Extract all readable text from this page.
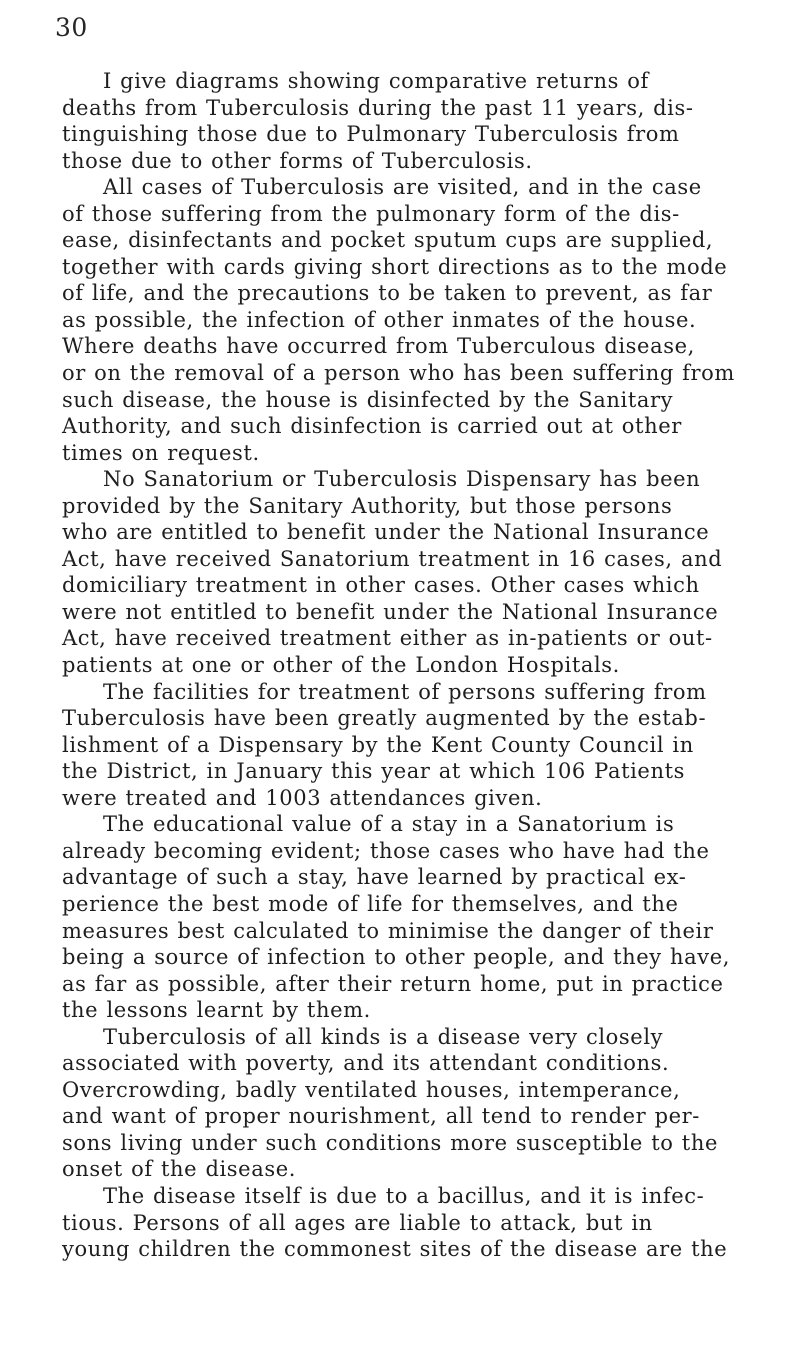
30
I give diagrams showing comparative returns of
deaths from Tuberculosis during the past 11 years, dis-
tinguishing those due to Pulmonary Tuberculosis from
those due to other forms of Tuberculosis.
All cases of Tuberculosis are visited, and in the case
of those suffering from the pulmonary form of the dis-
ease, disinfectants and pocket sputum cups are supplied,
together with cards giving short directions as to the mode
of life, and the precautions to be taken to prevent, as far
as possible, the infection of other inmates of the house.
Where deaths have occurred from Tuberculous disease,
or on the removal of a person who has been suffering from
such disease, the house is disinfected by the Sanitary
Authority, and such disinfection is carried out at other
times on request.
No Sanatorium or Tuberculosis Dispensary has been
provided by the Sanitary Authority, but those persons
who are entitled to benefit under the National Insurance
Act, have received Sanatorium treatment in 16 cases, and
domiciliary treatment in other cases. Other cases which
were not entitled to benefit under the National Insurance
Act, have received treatment either as in-patients or out-
patients at one or other of the London Hospitals.
The facilities for treatment of persons suffering from
Tuberculosis have been greatly augmented by the estab-
lishment of a Dispensary by the Kent County Council in
the District, in January this year at which 106 Patients
were treated and 1003 attendances given.
The educational value of a stay in a Sanatorium is
already becoming evident; those cases who have had the
advantage of such a stay, have learned by practical ex-
perience the best mode of life for themselves, and the
measures best calculated to minimise the danger of their
being a source of infection to other people, and they have,
as far as possible, after their return home, put in practice
the lessons learnt by them.
Tuberculosis of all kinds is a disease very closely
associated with poverty, and its attendant conditions.
Overcrowding, badly ventilated houses, intemperance,
and want of proper nourishment, all tend to render per-
sons living under such conditions more susceptible to the
onset of the disease.
The disease itself is due to a bacillus, and it is infec-
tious. Persons of all ages are liable to attack, but in
young children the commonest sites of the disease are the
